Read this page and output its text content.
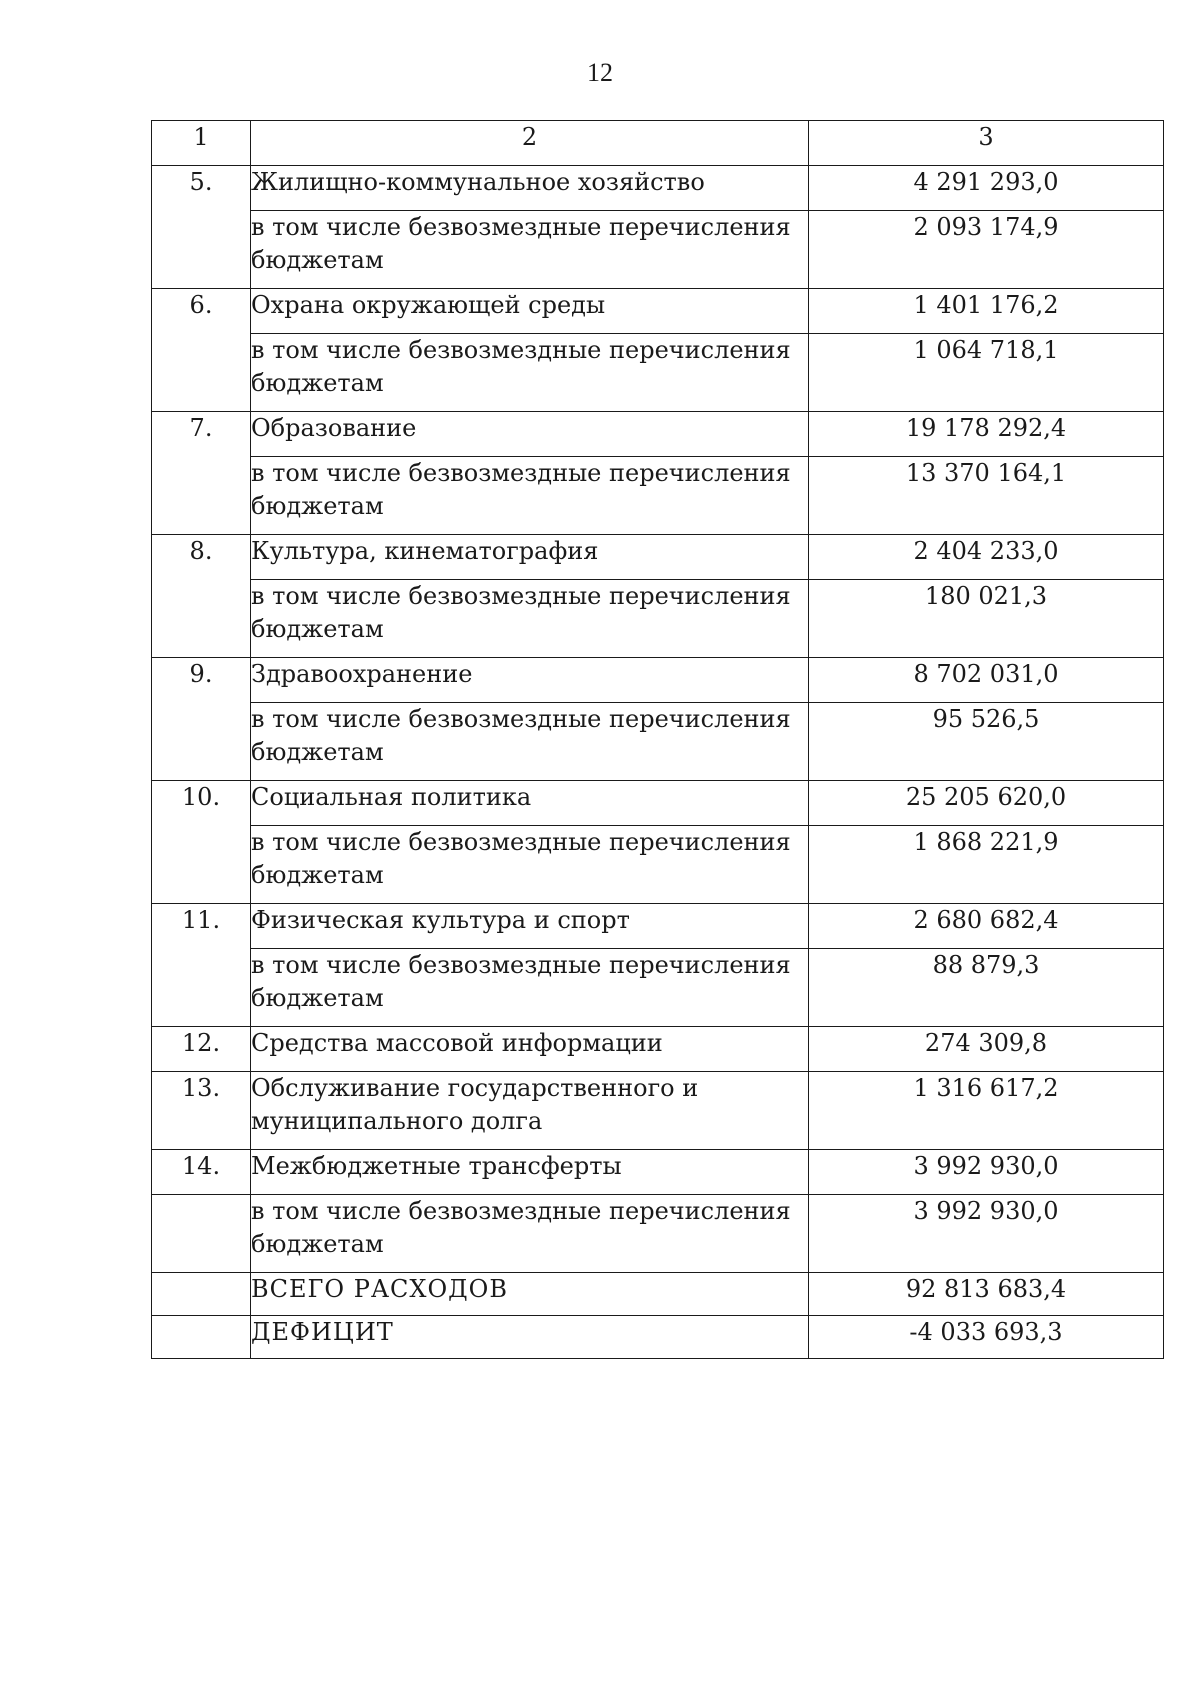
12
1	2	3
5.	Жилищно-коммунальное хозяйство	4 291 293,0
	в том числе безвозмездные перечисления бюджетам	2 093 174,9
6.	Охрана окружающей среды	1 401 176,2
	в том числе безвозмездные перечисления бюджетам	1 064 718,1
7.	Образование	19 178 292,4
	в том числе безвозмездные перечисления бюджетам	13 370 164,1
8.	Культура, кинематография	2 404 233,0
	в том числе безвозмездные перечисления бюджетам	180 021,3
9.	Здравоохранение	8 702 031,0
	в том числе безвозмездные перечисления бюджетам	95 526,5
10.	Социальная политика	25 205 620,0
	в том числе безвозмездные перечисления бюджетам	1 868 221,9
11.	Физическая культура и спорт	2 680 682,4
	в том числе безвозмездные перечисления бюджетам	88 879,3
12.	Средства массовой информации	274 309,8
13.	Обслуживание государственного и муниципального долга	1 316 617,2
14.	Межбюджетные трансферты	3 992 930,0
	в том числе безвозмездные перечисления бюджетам	3 992 930,0
	ВСЕГО РАСХОДОВ	92 813 683,4
	ДЕФИЦИТ	-4 033 693,3
